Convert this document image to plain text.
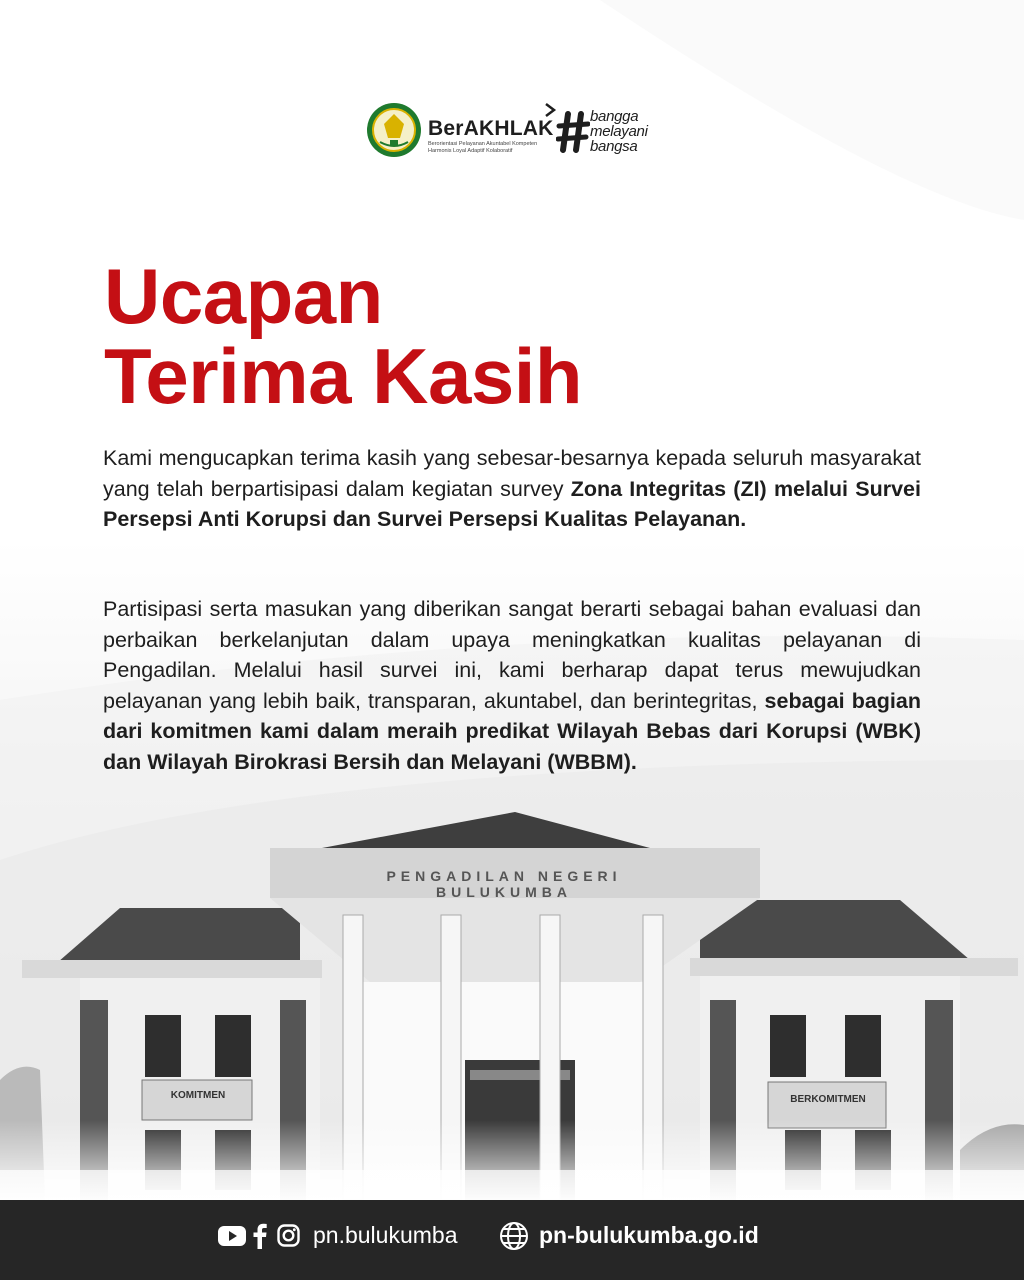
BerAKHLAK
Berorientasi Pelayanan Akuntabel Kompeten
Harmonis Loyal Adaptif Kolaboratif
bangga
melayani
bangsa
Ucapan
Terima Kasih

Kami mengucapkan terima kasih yang sebesar-besarnya kepada seluruh masyarakat yang telah berpartisipasi dalam kegiatan survey Zona Integritas (ZI) melalui Survei Persepsi Anti Korupsi dan Survei Persepsi Kualitas Pelayanan.

Partisipasi serta masukan yang diberikan sangat berarti sebagai bahan evaluasi dan perbaikan berkelanjutan dalam upaya meningkatkan kualitas pelayanan di Pengadilan. Melalui hasil survei ini, kami berharap dapat terus mewujudkan pelayanan yang lebih baik, transparan, akuntabel, dan berintegritas, sebagai bagian dari komitmen kami dalam meraih predikat Wilayah Bebas dari Korupsi (WBK) dan Wilayah Birokrasi Bersih dan Melayani (WBBM).

PENGADILAN NEGERI BULUKUMBA
KOMITMEN	BERKOMITMEN
pn.bulukumba	pn-bulukumba.go.id
